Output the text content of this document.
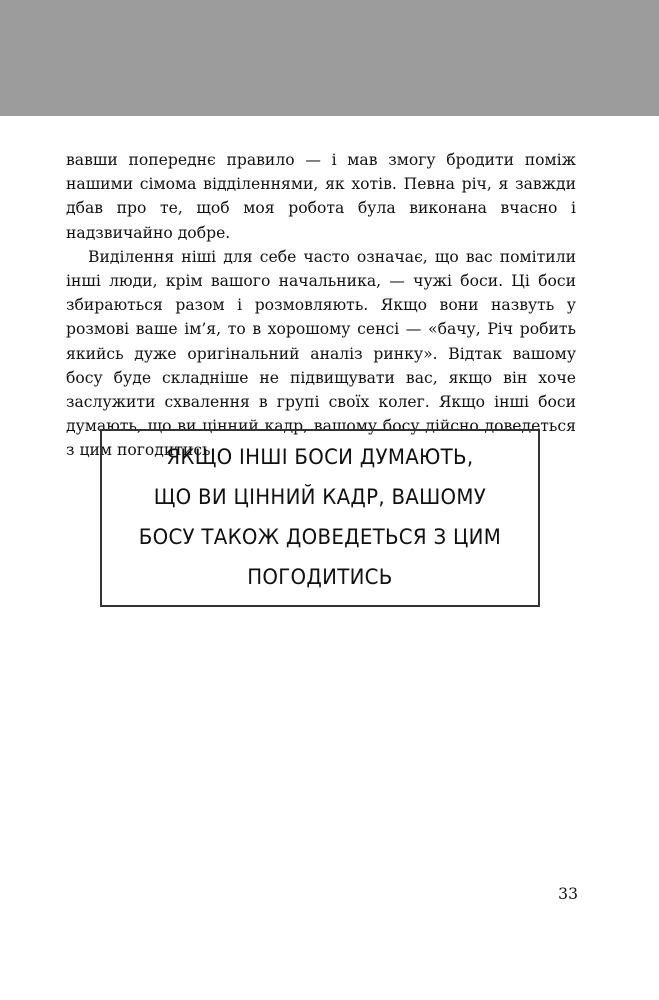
вавши попереднє правило — і мав змогу бродити поміж нашими сімома відділеннями, як хотів. Певна річ, я завжди дбав про те, щоб моя робота була виконана вчасно і надзвичайно добре.

Виділення ніші для себе часто означає, що вас помітили інші люди, крім вашого начальника, — чужі боси. Ці боси збираються разом і розмовляють. Якщо вони назвуть у розмові ваше ім’я, то в хорошому сенсі — «бачу, Річ робить якийсь дуже оригінальний аналіз ринку». Відтак вашому босу буде складніше не підвищувати вас, якщо він хоче заслужити схвалення в групі своїх колег. Якщо інші боси думають, що ви цінний кадр, вашому босу дійсно доведеться з цим погодитись.

ЯКЩО ІНШІ БОСИ ДУМАЮТЬ,
ЩО ВИ ЦІННИЙ КАДР, ВАШОМУ
БОСУ ТАКОЖ ДОВЕДЕТЬСЯ З ЦИМ
ПОГОДИТИСЬ

33
